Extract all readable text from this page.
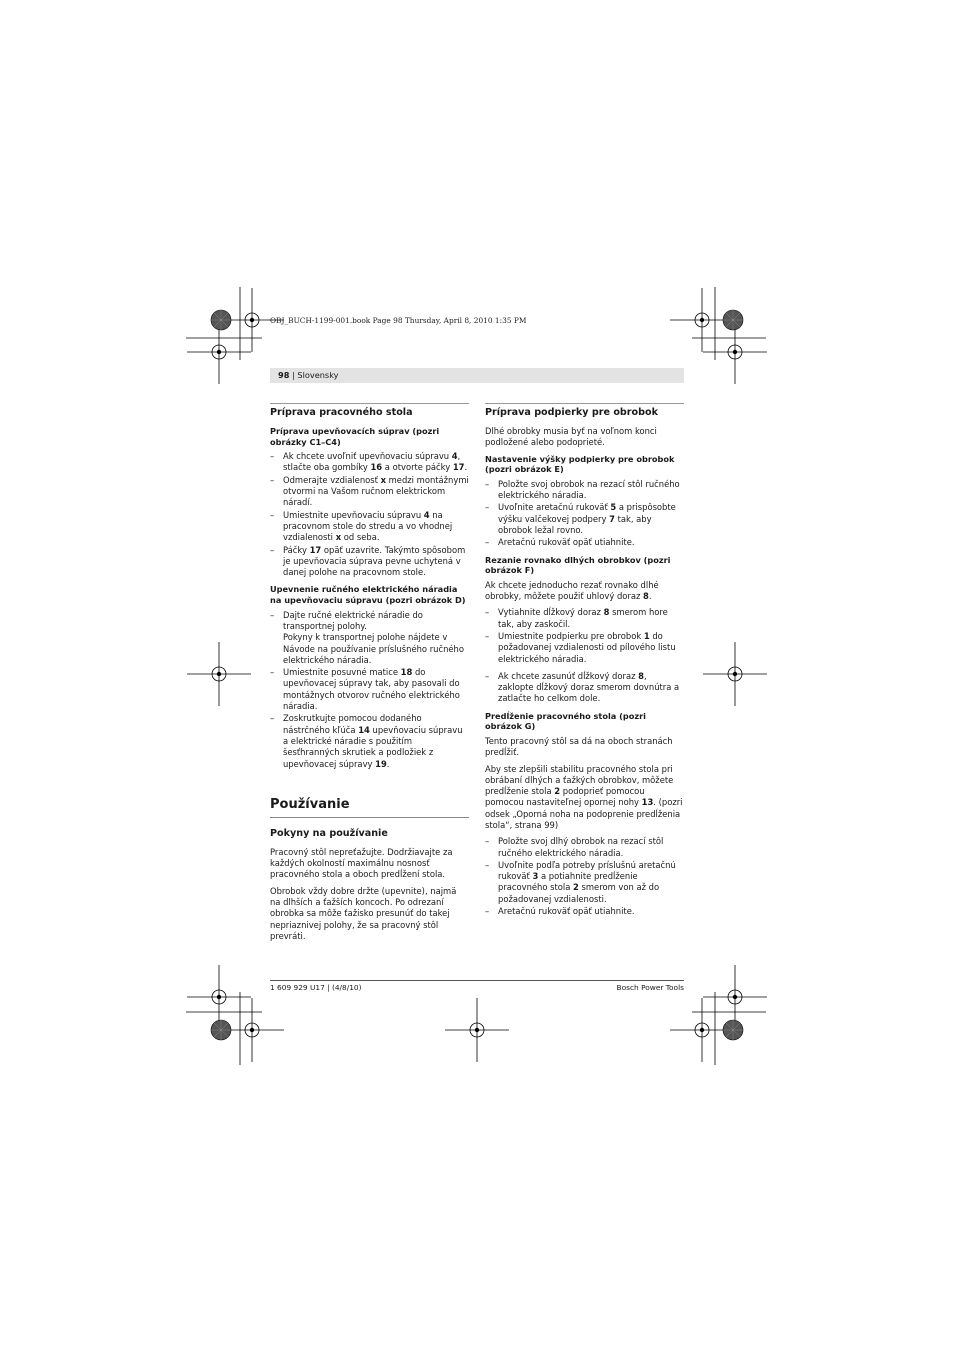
OBJ_BUCH-1199-001.book Page 98 Thursday, April 8, 2010 1:35 PM
98 | Slovensky
Príprava pracovného stola
Príprava upevňovacích súprav (pozri obrázky C1–C4)
– Ak chcete uvoľniť upevňovaciu súpravu 4, stlačte oba gombíky 16 a otvorte páčky 17.
– Odmerajte vzdialenosť x medzi montážnymi otvormi na Vašom ručnom elektrickom náradí.
– Umiestnite upevňovaciu súpravu 4 na pracovnom stole do stredu a vo vhodnej vzdialenosti x od seba.
– Páčky 17 opäť uzavrite. Takýmto spôsobom je upevňovacia súprava pevne uchytená v danej polohe na pracovnom stole.
Upevnenie ručného elektrického náradia na upevňovaciu súpravu (pozri obrázok D)
– Dajte ručné elektrické náradie do transportnej polohy.
Pokyny k transportnej polohe nájdete v Návode na používanie príslušného ručného elektrického náradia.
– Umiestnite posuvné matice 18 do upevňovacej súpravy tak, aby pasovali do montážnych otvorov ručného elektrického náradia.
– Zoskrutkujte pomocou dodaného nástrčného kľúča 14 upevňovaciu súpravu a elektrické náradie s použitím šesťhranných skrutiek a podložiek z upevňovacej súpravy 19.
Používanie
Pokyny na používanie
Pracovný stôl nepreťažujte. Dodržiavajte za každých okolností maximálnu nosnosť pracovného stola a oboch predĺžení stola.
Obrobok vždy dobre držte (upevnite), najmä na dlhších a ťažších koncoch. Po odrezaní obrobka sa môže ťažisko presunúť do takej nepriaznivej polohy, že sa pracovný stôl prevráti.
Príprava podpierky pre obrobok
Dlhé obrobky musia byť na voľnom konci podložené alebo podoprieté.
Nastavenie výšky podpierky pre obrobok (pozri obrázok E)
– Položte svoj obrobok na rezací stôl ručného elektrického náradia.
– Uvoľnite aretačnú rukoväť 5 a prispôsobte výšku valčekovej podpery 7 tak, aby obrobok ležal rovno.
– Aretačnú rukoväť opäť utiahnite.
Rezanie rovnako dlhých obrobkov (pozri obrázok F)
Ak chcete jednoducho rezať rovnako dlhé obrobky, môžete použiť uhlový doraz 8.
– Vytiahnite dĺžkový doraz 8 smerom hore tak, aby zaskočil.
– Umiestnite podpierku pre obrobok 1 do požadovanej vzdialenosti od pílového listu elektrického náradia.
– Ak chcete zasunúť dĺžkový doraz 8, zaklopte dĺžkový doraz smerom dovnútra a zatlačte ho celkom dole.
Predĺženie pracovného stola (pozri obrázok G)
Tento pracovný stôl sa dá na oboch stranách predĺžiť.
Aby ste zlepšili stabilitu pracovného stola pri obrábaní dlhých a ťažkých obrobkov, môžete predĺženie stola 2 podoprieť pomocou pomocou nastaviteľnej opornej nohy 13. (pozri odsek „Oporná noha na podoprenie predĺženia stola“, strana 99)
– Položte svoj dlhý obrobok na rezací stôl ručného elektrického náradia.
– Uvoľnite podľa potreby príslušnú aretačnú rukoväť 3 a potiahnite predĺženie pracovného stola 2 smerom von až do požadovanej vzdialenosti.
– Aretačnú rukoväť opäť utiahnite.
1 609 929 U17 | (4/8/10)	Bosch Power Tools
